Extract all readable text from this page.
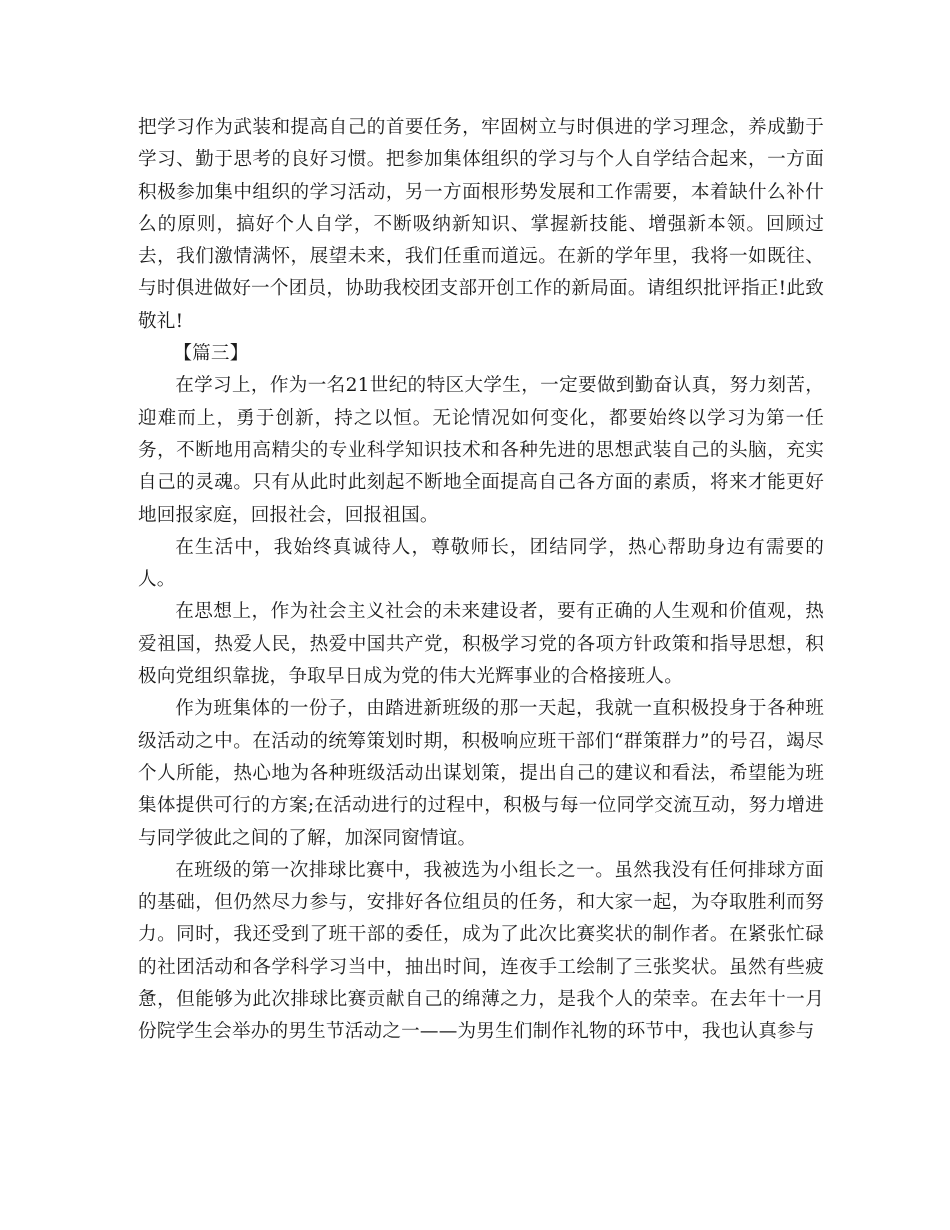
把学习作为武装和提高自己的首要任务，牢固树立与时俱进的学习理念，养成勤于学习、勤于思考的良好习惯。把参加集体组织的学习与个人自学结合起来，一方面积极参加集中组织的学习活动，另一方面根形势发展和工作需要，本着缺什么补什么的原则，搞好个人自学，不断吸纳新知识、掌握新技能、增强新本领。回顾过去，我们激情满怀，展望未来，我们任重而道远。在新的学年里，我将一如既往、与时俱进做好一个团员，协助我校团支部开创工作的新局面。请组织批评指正!此致敬礼!

【篇三】

在学习上，作为一名21世纪的特区大学生，一定要做到勤奋认真，努力刻苦，迎难而上，勇于创新，持之以恒。无论情况如何变化，都要始终以学习为第一任务，不断地用高精尖的专业科学知识技术和各种先进的思想武装自己的头脑，充实自己的灵魂。只有从此时此刻起不断地全面提高自己各方面的素质，将来才能更好地回报家庭，回报社会，回报祖国。

在生活中，我始终真诚待人，尊敬师长，团结同学，热心帮助身边有需要的人。

在思想上，作为社会主义社会的未来建设者，要有正确的人生观和价值观，热爱祖国，热爱人民，热爱中国共产党，积极学习党的各项方针政策和指导思想，积极向党组织靠拢，争取早日成为党的伟大光辉事业的合格接班人。

作为班集体的一份子，由踏进新班级的那一天起，我就一直积极投身于各种班级活动之中。在活动的统筹策划时期，积极响应班干部们“群策群力”的号召，竭尽个人所能，热心地为各种班级活动出谋划策，提出自己的建议和看法，希望能为班集体提供可行的方案;在活动进行的过程中，积极与每一位同学交流互动，努力增进与同学彼此之间的了解，加深同窗情谊。

在班级的第一次排球比赛中，我被选为小组长之一。虽然我没有任何排球方面的基础，但仍然尽力参与，安排好各位组员的任务，和大家一起，为夺取胜利而努力。同时，我还受到了班干部的委任，成为了此次比赛奖状的制作者。在紧张忙碌的社团活动和各学科学习当中，抽出时间，连夜手工绘制了三张奖状。虽然有些疲惫，但能够为此次排球比赛贡献自己的绵薄之力，是我个人的荣幸。在去年十一月份院学生会举办的男生节活动之一——为男生们制作礼物的环节中，我也认真参与
